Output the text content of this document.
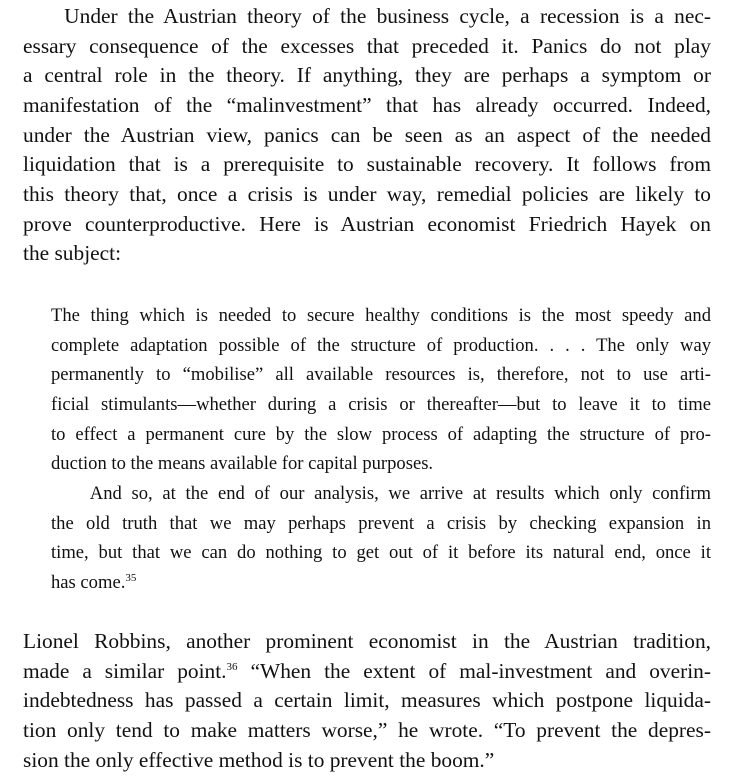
Under the Austrian theory of the business cycle, a recession is a nec-

essary consequence of the excesses that preceded it. Panics do not play

a central role in the theory. If anything, they are perhaps a symptom or

manifestation of the “malinvestment” that has already occurred. Indeed,

under the Austrian view, panics can be seen as an aspect of the needed

liquidation that is a prerequisite to sustainable recovery. It follows from

this theory that, once a crisis is under way, remedial policies are likely to

prove counterproductive. Here is Austrian economist Friedrich Hayek on

the subject:

The thing which is needed to secure healthy conditions is the most speedy and

complete adaptation possible of the structure of production. . . . The only way

permanently to “mobilise” all available resources is, therefore, not to use arti-

ficial stimulants—whether during a crisis or thereafter—but to leave it to time

to effect a permanent cure by the slow process of adapting the structure of pro-

duction to the means available for capital purposes.

And so, at the end of our analysis, we arrive at results which only confirm

the old truth that we may perhaps prevent a crisis by checking expansion in

time, but that we can do nothing to get out of it before its natural end, once it

has come.$^{35}$

Lionel Robbins, another prominent economist in the Austrian tradition,

made a similar point.$^{36}$ “When the extent of mal-investment and overin-

indebtedness has passed a certain limit, measures which postpone liquida-

tion only tend to make matters worse,” he wrote. “To prevent the depres-

sion the only effective method is to prevent the boom.”
